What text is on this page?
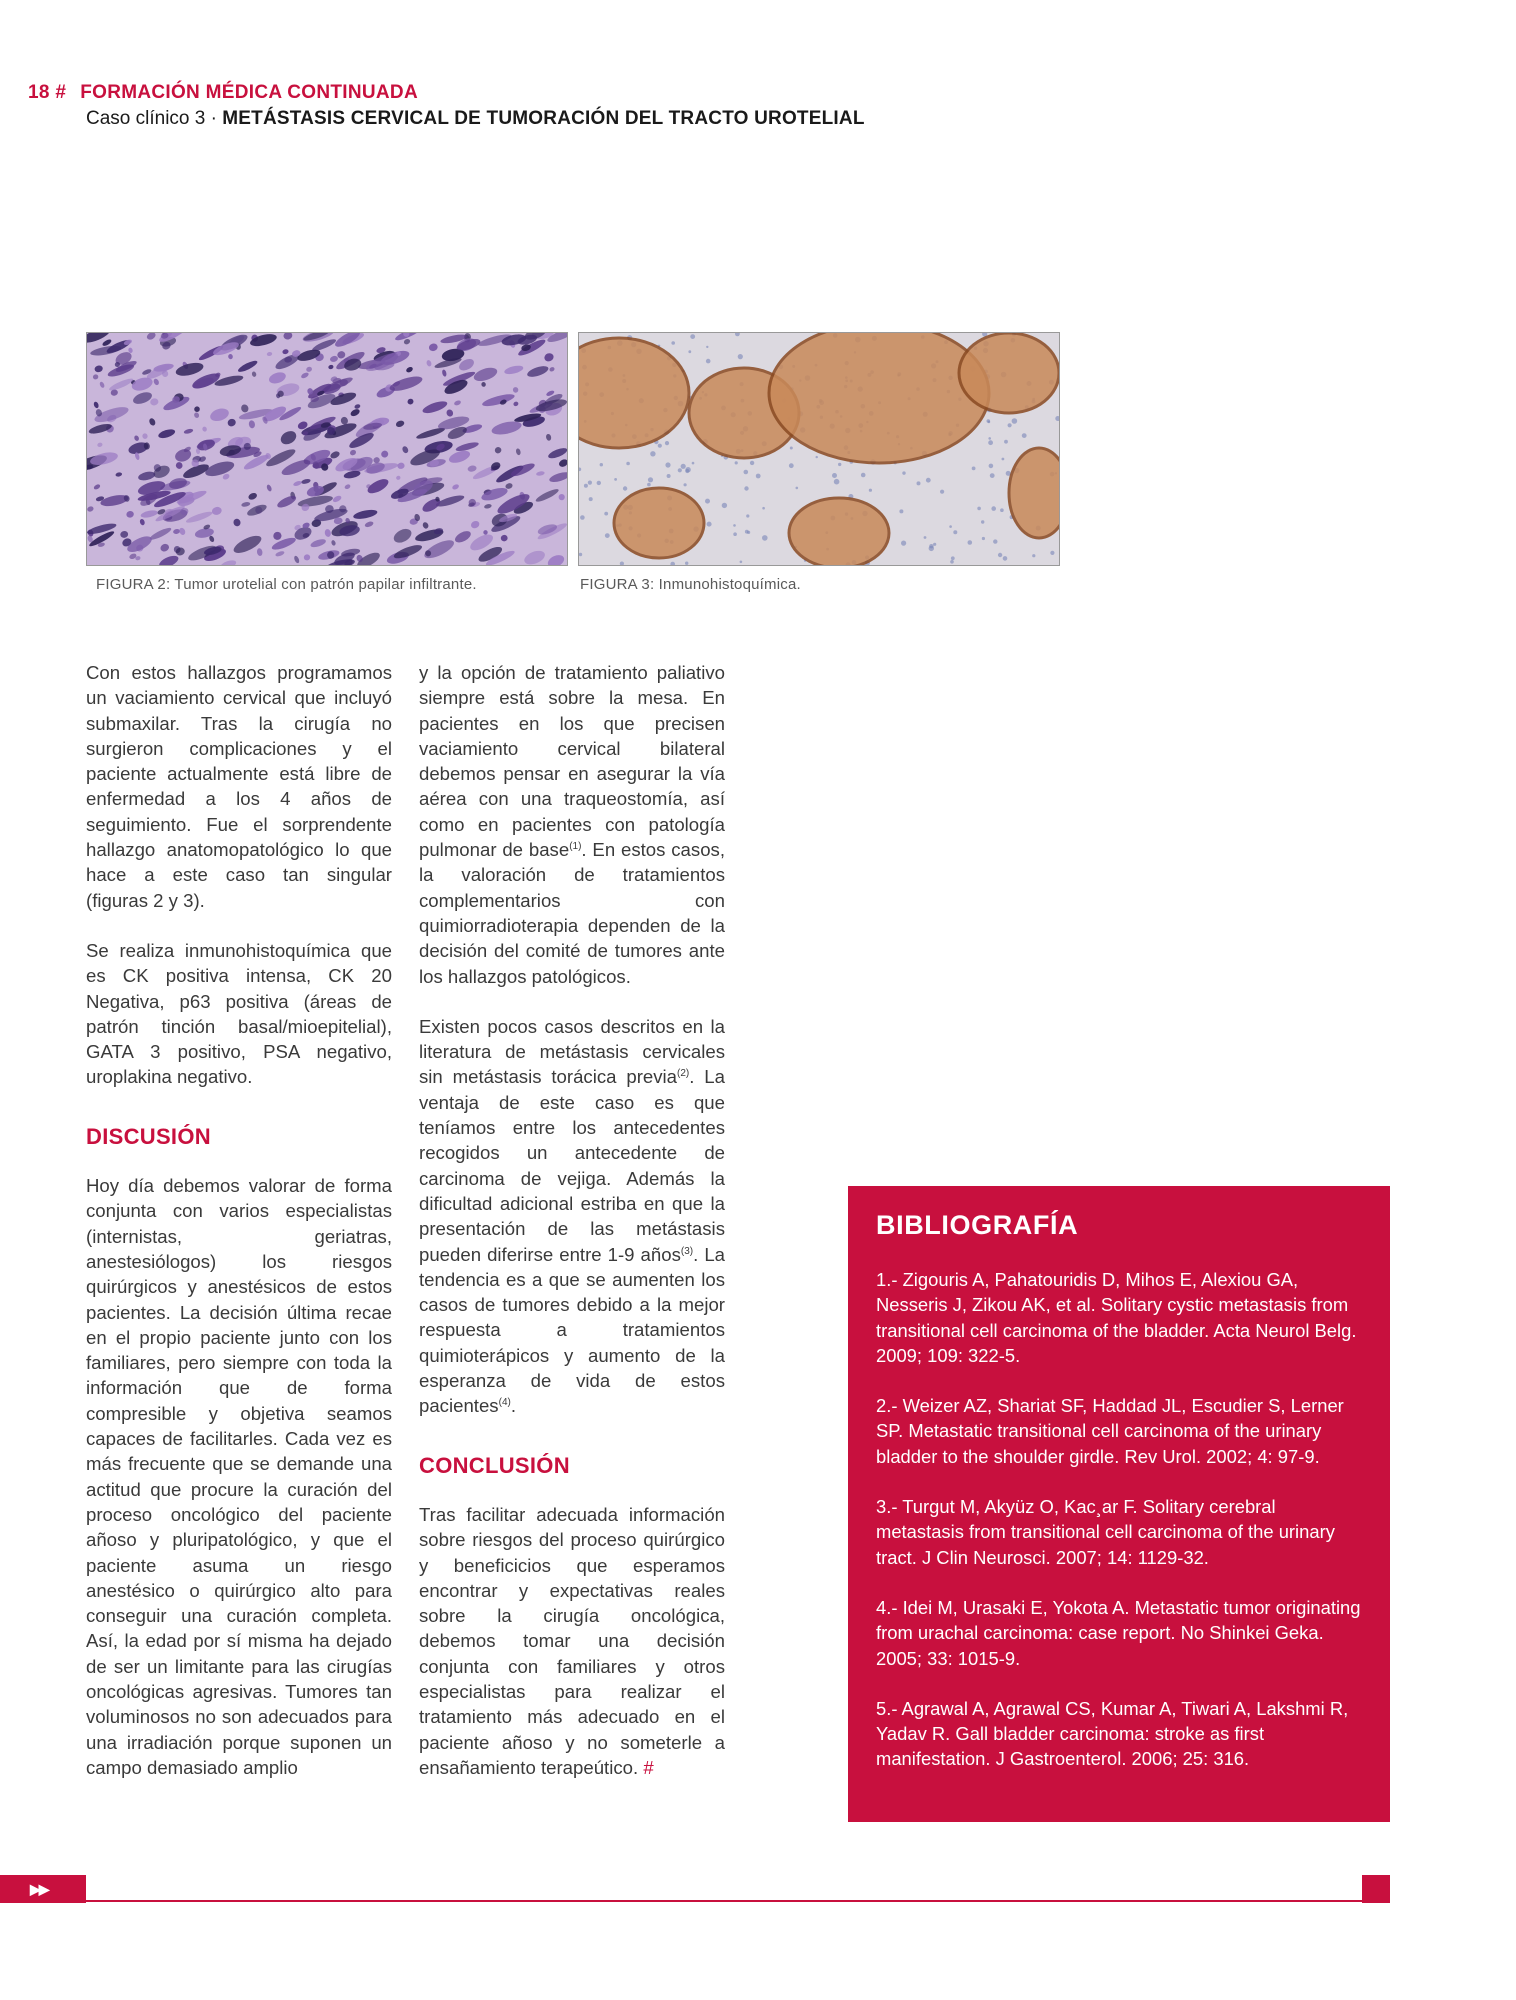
18 # FORMACIÓN MÉDICA CONTINUADA
Caso clínico 3 · METÁSTASIS CERVICAL DE TUMORACIÓN DEL TRACTO UROTELIAL
FIGURA 2: Tumor urotelial con patrón papilar infiltrante.	FIGURA 3: Inmunohistoquímica.

Con estos hallazgos programamos un vaciamiento cervical que incluyó submaxilar. Tras la cirugía no surgieron complicaciones y el paciente actualmente está libre de enfermedad a los 4 años de seguimiento. Fue el sorprendente hallazgo anatomopatológico lo que hace a este caso tan singular (figuras 2 y 3).

Se realiza inmunohistoquímica que es CK positiva intensa, CK 20 Negativa, p63 positiva (áreas de patrón tinción basal/mioepitelial), GATA 3 positivo, PSA negativo, uroplakina negativo.

DISCUSIÓN

Hoy día debemos valorar de forma conjunta con varios especialistas (internistas, geriatras, anestesiólogos) los riesgos quirúrgicos y anestésicos de estos pacientes. La decisión última recae en el propio paciente junto con los familiares, pero siempre con toda la información que de forma compresible y objetiva seamos capaces de facilitarles. Cada vez es más frecuente que se demande una actitud que procure la curación del proceso oncológico del paciente añoso y pluripatológico, y que el paciente asuma un riesgo anestésico o quirúrgico alto para conseguir una curación completa. Así, la edad por sí misma ha dejado de ser un limitante para las cirugías oncológicas agresivas. Tumores tan voluminosos no son adecuados para una irradiación porque suponen un campo demasiado amplio

y la opción de tratamiento paliativo siempre está sobre la mesa. En pacientes en los que precisen vaciamiento cervical bilateral debemos pensar en asegurar la vía aérea con una traqueostomía, así como en pacientes con patología pulmonar de base$^{(1)}$. En estos casos, la valoración de tratamientos complementarios con quimiorradioterapia dependen de la decisión del comité de tumores ante los hallazgos patológicos.

Existen pocos casos descritos en la literatura de metástasis cervicales sin metástasis torácica previa$^{(2)}$. La ventaja de este caso es que teníamos entre los antecedentes recogidos un antecedente de carcinoma de vejiga. Además la dificultad adicional estriba en que la presentación de las metástasis pueden diferirse entre 1-9 años$^{(3)}$. La tendencia es a que se aumenten los casos de tumores debido a la mejor respuesta a tratamientos quimioterápicos y aumento de la esperanza de vida de estos pacientes$^{(4)}$.

CONCLUSIÓN

Tras facilitar adecuada información sobre riesgos del proceso quirúrgico y beneficicios que esperamos encontrar y expectativas reales sobre la cirugía oncológica, debemos tomar una decisión conjunta con familiares y otros especialistas para realizar el tratamiento más adecuado en el paciente añoso y no someterle a ensañamiento terapeútico. #

BIBLIOGRAFÍA

1.- Zigouris A, Pahatouridis D, Mihos E, Alexiou GA, Nesseris J, Zikou AK, et al. Solitary cystic metastasis from transitional cell carcinoma of the bladder. Acta Neurol Belg. 2009; 109: 322-5.

2.- Weizer AZ, Shariat SF, Haddad JL, Escudier S, Lerner SP. Metastatic transitional cell carcinoma of the urinary bladder to the shoulder girdle. Rev Urol. 2002; 4: 97-9.

3.- Turgut M, Akyüz O, Kac¸ar F. Solitary cerebral metastasis from transitional cell carcinoma of the urinary tract. J Clin Neurosci. 2007; 14: 1129-32.

4.- Idei M, Urasaki E, Yokota A. Metastatic tumor originating from urachal carcinoma: case report. No Shinkei Geka. 2005; 33: 1015-9.

5.- Agrawal A, Agrawal CS, Kumar A, Tiwari A, Lakshmi R, Yadav R. Gall bladder carcinoma: stroke as first manifestation. J Gastroenterol. 2006; 25: 316.

▶▶
